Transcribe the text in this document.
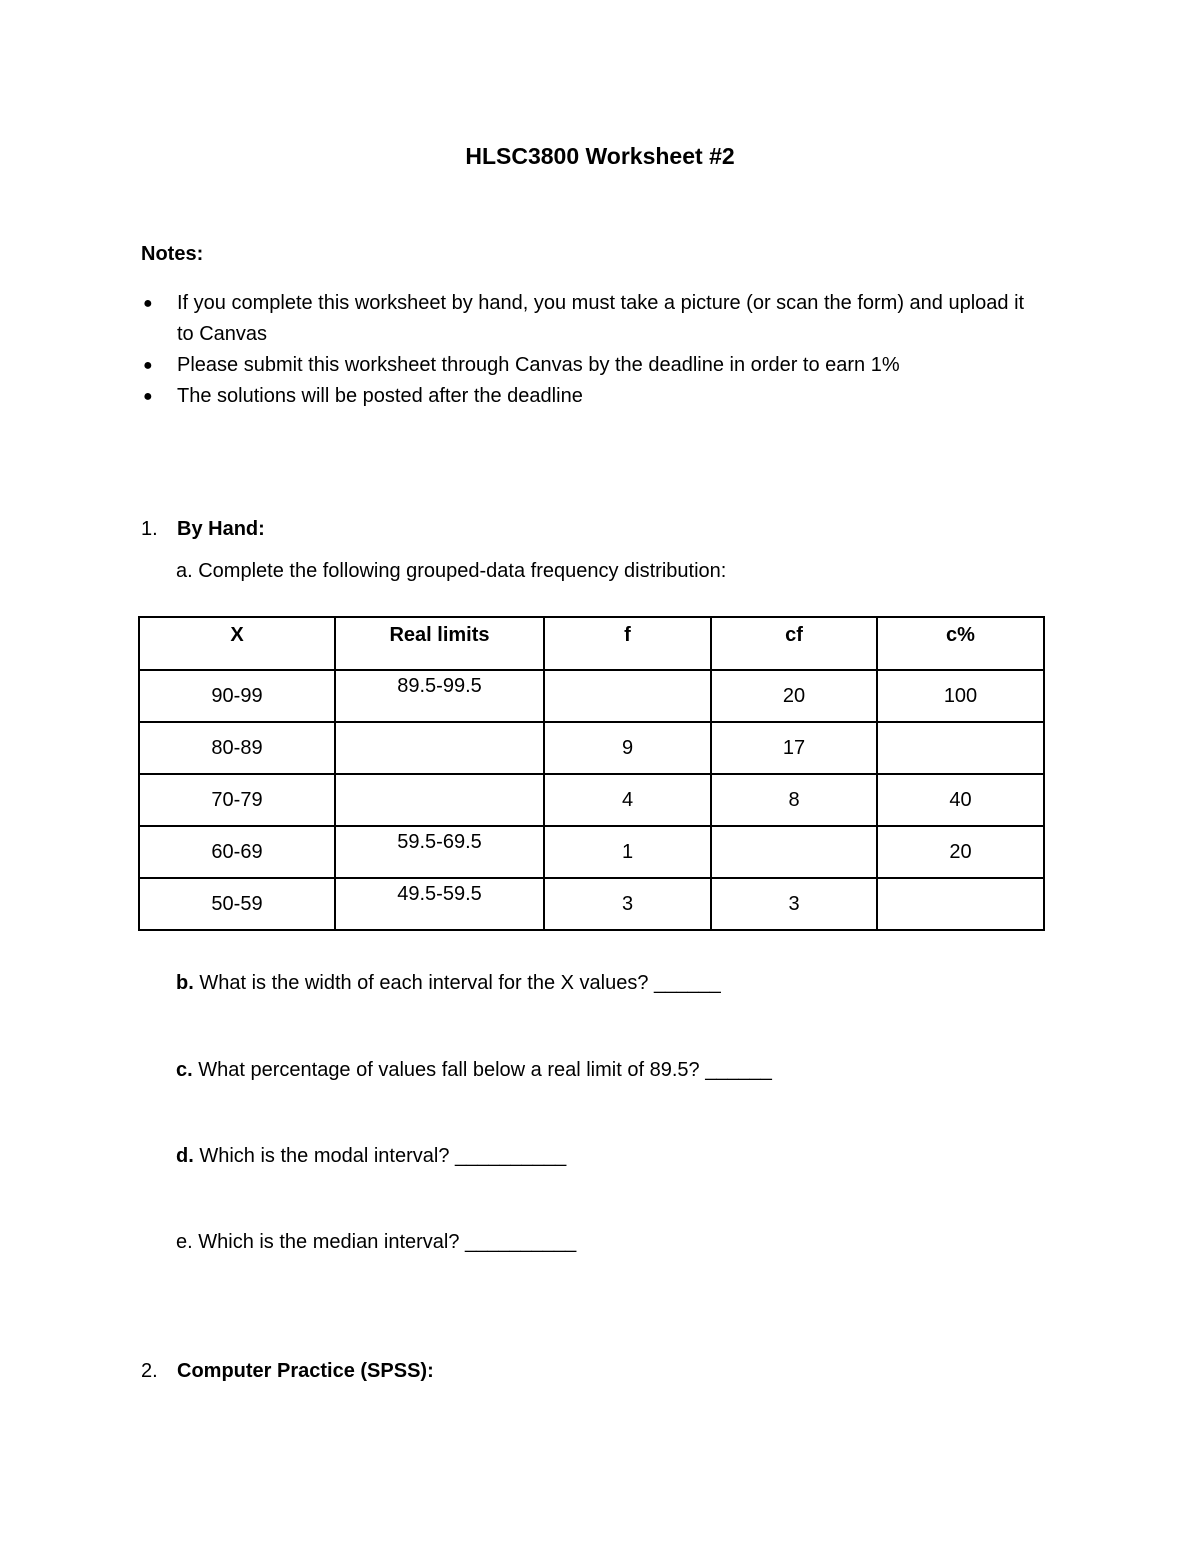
HLSC3800 Worksheet #2
Notes:
● If you complete this worksheet by hand, you must take a picture (or scan the form) and upload it to Canvas
● Please submit this worksheet through Canvas by the deadline in order to earn 1%
● The solutions will be posted after the deadline
1. By Hand:
a. Complete the following grouped-data frequency distribution:
X	Real limits	f	cf	c%
90-99	89.5-99.5		20	100
80-89		9	17	
70-79		4	8	40
60-69	59.5-69.5	1		20
50-59	49.5-59.5	3	3	
b. What is the width of each interval for the X values? ______
c. What percentage of values fall below a real limit of 89.5? ______
d. Which is the modal interval? __________
e. Which is the median interval? __________
2. Computer Practice (SPSS):
